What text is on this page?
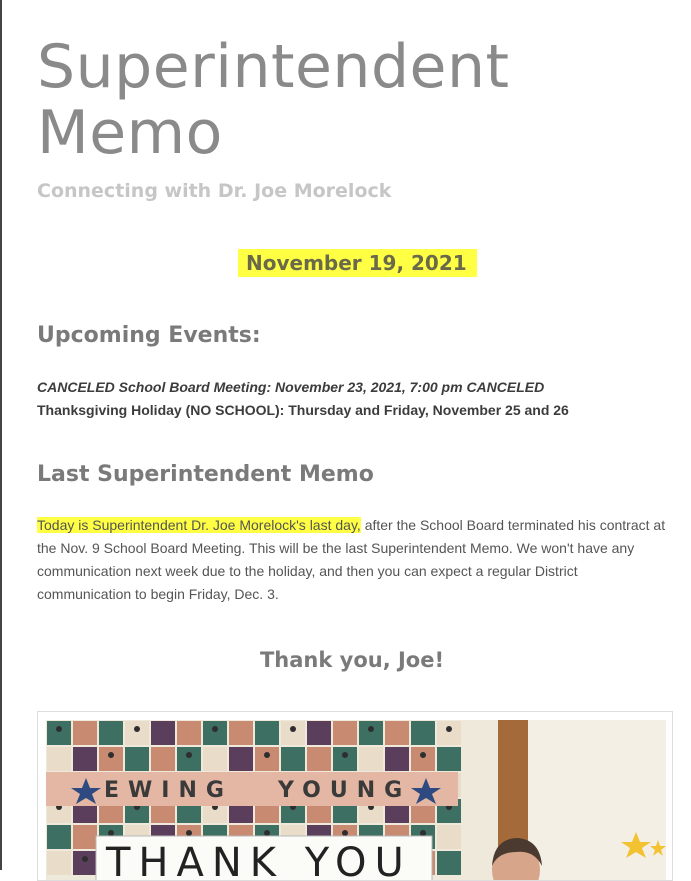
Superintendent
Memo

Connecting with Dr. Joe Morelock

November 19, 2021

Upcoming Events:

CANCELED School Board Meeting: November 23, 2021, 7:00 pm CANCELED

Thanksgiving Holiday (NO SCHOOL): Thursday and Friday, November 25 and 26

Last Superintendent Memo

Today is Superintendent Dr. Joe Morelock's last day, after the School Board terminated his contract at the Nov. 9 School Board Meeting. This will be the last Superintendent Memo. We won't have any communication next week due to the holiday, and then you can expect a regular District communication to begin Friday, Dec. 3.

Thank you, Joe!
EWING YOUNG
THANK YOU
